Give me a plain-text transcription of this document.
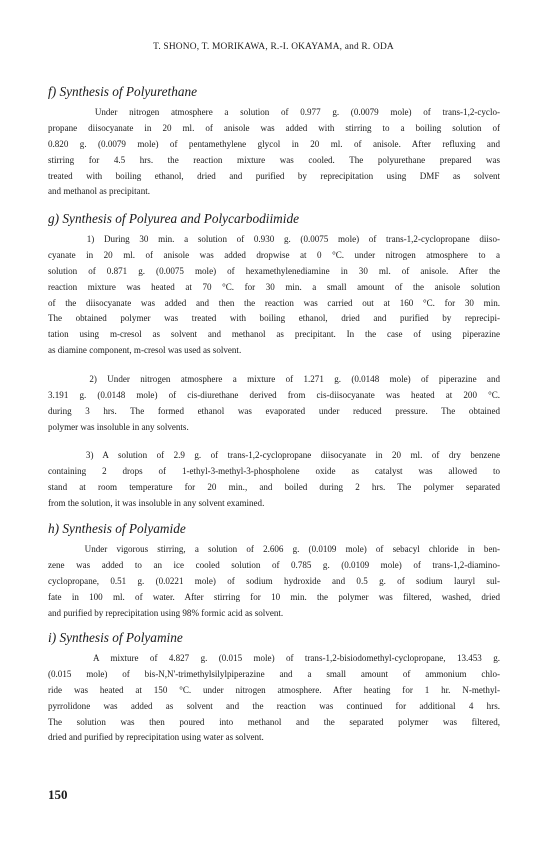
T. SHONO, T. MORIKAWA, R.-I. OKAYAMA, and R. ODA
f) Synthesis of Polyurethane
Under nitrogen atmosphere a solution of 0.977 g. (0.0079 mole) of trans-1,2-cyclo-
propane diisocyanate in 20 ml. of anisole was added with stirring to a boiling solution of
0.820 g. (0.0079 mole) of pentamethylene glycol in 20 ml. of anisole. After refluxing and
stirring for 4.5 hrs. the reaction mixture was cooled. The polyurethane prepared was
treated with boiling ethanol, dried and purified by reprecipitation using DMF as solvent
and methanol as precipitant.
g) Synthesis of Polyurea and Polycarbodiimide
1) During 30 min. a solution of 0.930 g. (0.0075 mole) of trans-1,2-cyclopropane diiso-
cyanate in 20 ml. of anisole was added dropwise at 0 °C. under nitrogen atmosphere to a
solution of 0.871 g. (0.0075 mole) of hexamethylenediamine in 30 ml. of anisole. After the
reaction mixture was heated at 70 °C. for 30 min. a small amount of the anisole solution
of the diisocyanate was added and then the reaction was carried out at 160 °C. for 30 min.
The obtained polymer was treated with boiling ethanol, dried and purified by reprecipi-
tation using m-cresol as solvent and methanol as precipitant. In the case of using piperazine
as diamine component, m-cresol was used as solvent.
2) Under nitrogen atmosphere a mixture of 1.271 g. (0.0148 mole) of piperazine and
3.191 g. (0.0148 mole) of cis-diurethane derived from cis-diisocyanate was heated at 200 °C.
during 3 hrs. The formed ethanol was evaporated under reduced pressure. The obtained
polymer was insoluble in any solvents.
3) A solution of 2.9 g. of trans-1,2-cyclopropane diisocyanate in 20 ml. of dry benzene
containing 2 drops of 1-ethyl-3-methyl-3-phospholene oxide as catalyst was allowed to
stand at room temperature for 20 min., and boiled during 2 hrs. The polymer separated
from the solution, it was insoluble in any solvent examined.
h) Synthesis of Polyamide
Under vigorous stirring, a solution of 2.606 g. (0.0109 mole) of sebacyl chloride in ben-
zene was added to an ice cooled solution of 0.785 g. (0.0109 mole) of trans-1,2-diamino-
cyclopropane, 0.51 g. (0.0221 mole) of sodium hydroxide and 0.5 g. of sodium lauryl sul-
fate in 100 ml. of water. After stirring for 10 min. the polymer was filtered, washed, dried
and purified by reprecipitation using 98% formic acid as solvent.
i) Synthesis of Polyamine
A mixture of 4.827 g. (0.015 mole) of trans-1,2-bisiodomethyl-cyclopropane, 13.453 g.
(0.015 mole) of bis-N,N'-trimethylsilylpiperazine and a small amount of ammonium chlo-
ride was heated at 150 °C. under nitrogen atmosphere. After heating for 1 hr. N-methyl-
pyrrolidone was added as solvent and the reaction was continued for additional 4 hrs.
The solution was then poured into methanol and the separated polymer was filtered,
dried and purified by reprecipitation using water as solvent.
150
